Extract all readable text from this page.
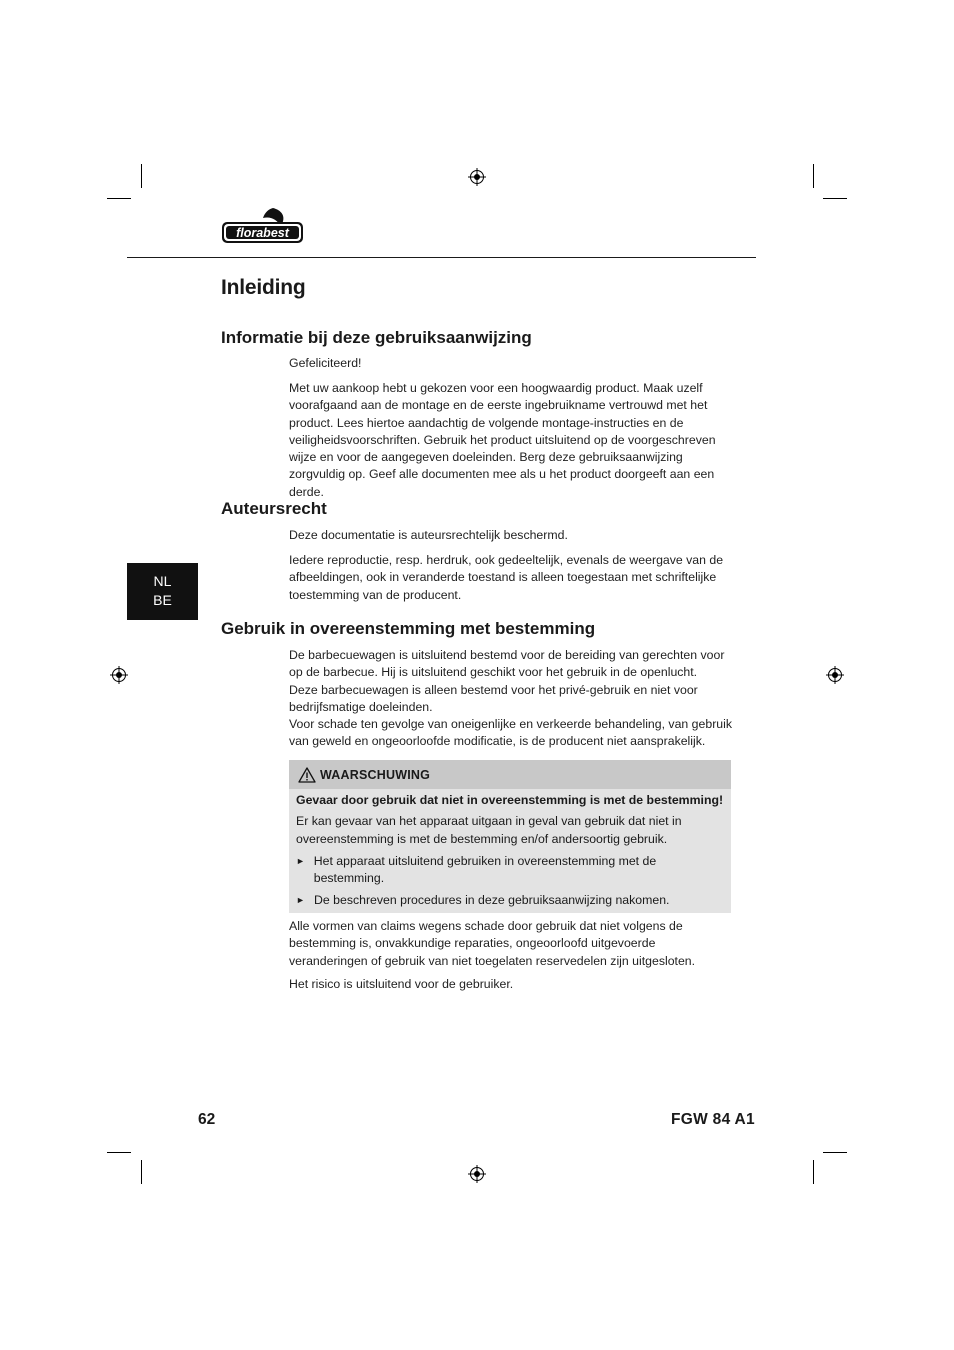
florabest
Inleiding
Informatie bij deze gebruiksaanwijzing

Gefeliciteerd!

Met uw aankoop hebt u gekozen voor een hoogwaardig product. Maak uzelf voorafgaand aan de montage en de eerste ingebruikname vertrouwd met het product. Lees hiertoe aandachtig de volgende montage-instructies en de veiligheidsvoorschriften. Gebruik het product uitsluitend op de voorgeschreven wijze en voor de aangegeven doeleinden. Berg deze gebruiksaanwijzing zorgvuldig op. Geef alle documenten mee als u het product doorgeeft aan een derde.

Auteursrecht

Deze documentatie is auteursrechtelijk beschermd.

Iedere reproductie, resp. herdruk, ook gedeeltelijk, evenals de weergave van de afbeeldingen, ook in veranderde toestand is alleen toegestaan met schriftelijke toestemming van de producent.

NL
BE
Gebruik in overeenstemming met bestemming

De barbecuewagen is uitsluitend bestemd voor de bereiding van gerechten voor op de barbecue. Hij is uitsluitend geschikt voor het gebruik in de openlucht.

Deze barbecuewagen is alleen bestemd voor het privé-gebruik en niet voor bedrijfsmatige doeleinden.

Voor schade ten gevolge van oneigenlijke en verkeerde behandeling, van gebruik van geweld en ongeoorloofde modificatie, is de producent niet aansprakelijk.

WAARSCHUWING

Gevaar door gebruik dat niet in overeenstemming is met de bestemming!

Er kan gevaar van het apparaat uitgaan in geval van gebruik dat niet in overeenstemming is met de bestemming en/of andersoortig gebruik.

► Het apparaat uitsluitend gebruiken in overeenstemming met de bestemming.
► De beschreven procedures in deze gebruiksaanwijzing nakomen.

Alle vormen van claims wegens schade door gebruik dat niet volgens de bestemming is, onvakkundige reparaties, ongeoorloofd uitgevoerde veranderingen of gebruik van niet toegelaten reservedelen zijn uitgesloten.

Het risico is uitsluitend voor de gebruiker.

62	FGW 84 A1
